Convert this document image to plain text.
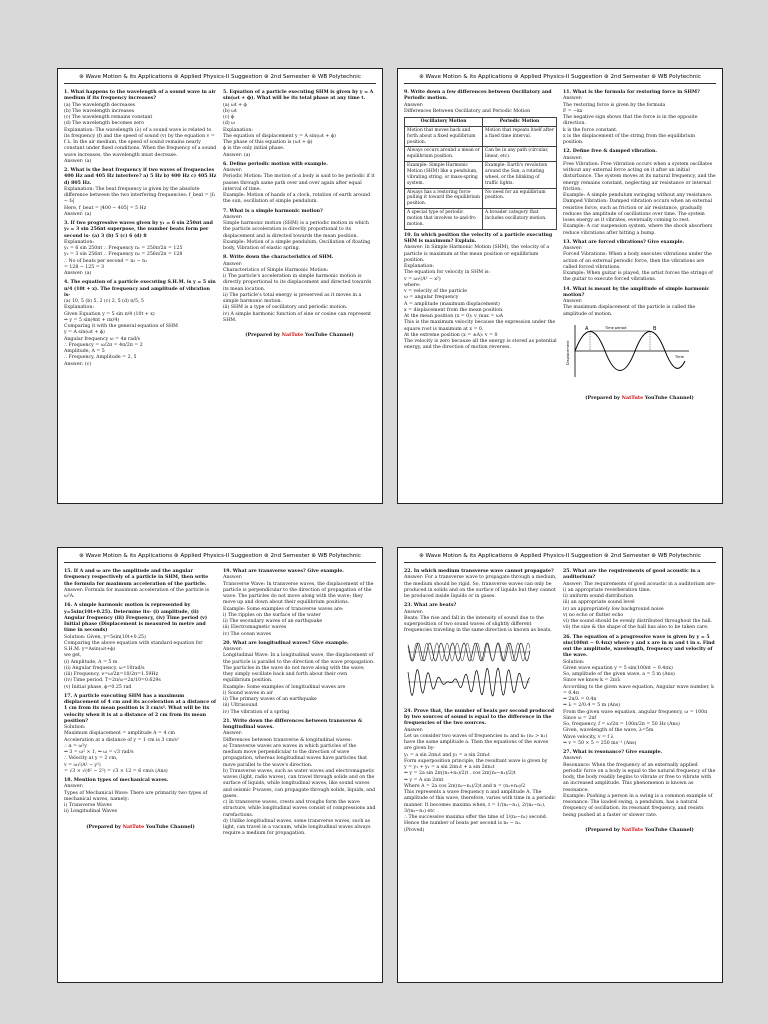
⊛ Wave Motion & its Applications ⊛ Applied Physics-II Suggestion ⊛ 2nd Semester ⊛ WB Polytechnic

1. What happens to the wavelength of a sound wave in air medium if its frequency increases?

(a) The wavelength decreases

(b) The wavelength increases

(c) The wavelength remains constant

(d) The wavelength becomes zero

Explanation: The wavelength (λ) of a sound wave is related to its frequency (f) and the speed of sound (v) by the equation v = f λ. In the air medium, the speed of sound remains nearly constant under fixed conditions. When the frequency of a sound wave increases, the wavelength must decrease.

Answer: (a)

2. What is the beat frequency if two waves of frequencies 400 Hz and 405 Hz interfere? a) 5 Hz b) 400 Hz c) 405 Hz d) 805 Hz.

Explanation: The beat frequency is given by the absolute difference between the two interfering frequencies: f_beat = |f₁ − f₂|

Here, f_beat = |400 − 405| = 5 Hz

Answer: (a)

3. If two progressive waves given by y₁ = 6 sin 250πt and y₂ = 3 sin 256πt superpose, the number beats form per second is- (a) 3 (b) 5 (c) 6 (d) 8

Explanation:

y₁ = 6 sin 250πt ∴ Frequency n₁ = 250π/2π = 125

y₂ = 3 sin 256πt ∴ Frequency n₂ = 256π/2π = 128

∴ No of beats per second = n₂ − n₁

= 128 − 125 = 3

Answer: (a)

4. The equation of a particle executing S.H.M. is y = 5 sin π/4 (10t + x). The frequency and amplitude of vibration is-

(a) 10, 5 (b) 5, 2 (c) 2, 5 (d) π/5, 5

Explanation:

Given Equation y = 5 sin π/4 (10t + x)

⇒ y = 5 sin(4πt + πx/4)

Comparing it with the general equation of SHM

y = A sin(ωt + ϕ)

Angular frequency ω = 4π rad/s

∴ Frequency = ω/2π = 4π/2π = 2

Amplitude, A = 5

∴ Frequency, Amplitude = 2, 5

Answer: (c)

5. Equation of a particle executing SHM is given by y = A sin(ωt + ϕ). What will be its total phase at any time t.

(a) ωt + ϕ

(b) ωt

(c) ϕ

(d) ω

Explanation:

The equation of displacement y = A sin(ωt + ϕ)

The phase of this equation is (ωt + ϕ)

ϕ is the only initial phase.

Answer: (a)

6. Define periodic motion with example.

Answer:

Periodic Motion: The motion of a body is said to be periodic if it passes through same path over and over again after equal interval of time.

Example: Motion of hands of a clock, rotation of earth around the sun, oscillation of simple pendulum.

7. What is a simple harmonic motion?

Answer:

Simple harmonic motion (SHM) is a periodic motion in which the particle acceleration is directly proportional to its displacement and is directed towards the mean position.

Example: Motion of a simple pendulum, Oscillation of floating body, Vibration of elastic spring.

8. Write down the characteristics of SHM.

Answer:

Characteristics of Simple Harmonic Motion:

i) The particle's acceleration in simple harmonic motion is directly proportional to its displacement and directed towards its mean location.

ii) The particle's total energy is preserved as it moves in a simple harmonic motion.

iii) SHM is a type of oscillatory and periodic motion.

iv) A simple harmonic function of sine or cosine can represent SHM.

(Prepared by NatTute YouTube Channel)
⊛ Wave Motion & its Applications ⊛ Applied Physics-II Suggestion ⊛ 2nd Semester ⊛ WB Polytechnic

9. Write down a few differences between Oscillatory and Periodic motion.

Answer:

Differences Between Oscillatory and Periodic Motion

Oscillatory Motion	Periodic Motion
Motion that moves back and forth about a fixed equilibrium position.	Motion that repeats itself after a fixed time interval.
Always occurs around a mean or equilibrium position.	Can be in any path (circular, linear, etc).
Example: Simple Harmonic Motion (SHM) like a pendulum, vibrating string, or mass-spring system.	Example: Earth's revolution around the Sun, a rotating wheel, or the blinking of traffic lights.
Always has a restoring force pulling it toward the equilibrium position.	No need for an equilibrium position.
A special type of periodic motion that involves to-and-fro motion.	A broader category that includes oscillatory motion.

10. In which position the velocity of a particle executing SHM is maximum? Explain.

Answer: In Simple Harmonic Motion (SHM), the velocity of a particle is maximum at the mean position or equilibrium position.

Explanation:

The equation for velocity in SHM is:

v = ω√(A² − x²)

where:

v = velocity of the particle

ω = angular frequency

A = amplitude (maximum displacement)

x = displacement from the mean position.

At the mean position (x = 0): v_max = ωA

This is the maximum velocity because the expression under the square root is maximum at x = 0.

At the extreme position (x = ±A): v = 0

The velocity is zero because all the energy is stored as potential energy, and the direction of motion reverses.

11. What is the formula for restoring force in SHM?

Answer:

The restoring force is given by the formula

F = −kx

The negative sign shows that the force is in the opposite direction.

k is the force constant.

x is the displacement of the string from the equilibrium position.

12. Define free & damped vibration.

Answer:

Free Vibration: Free vibration occurs when a system oscillates without any external force acting on it after an initial disturbance. The system moves at its natural frequency, and the energy remains constant, neglecting air resistance or internal friction.

Example: A simple pendulum swinging without any resistance.

Damped Vibration: Damped vibration occurs when an external resistive force, such as friction or air resistance, gradually reduces the amplitude of oscillations over time. The system loses energy as it vibrates, eventually coming to rest.

Example: A car suspension system, where the shock absorbers reduce vibrations after hitting a bump.

13. What are forced vibrations? Give example.

Answer:

Forced Vibrations: When a body executes vibrations under the action of an external periodic force, then the vibrations are called forced vibrations.

Example: When guitar is played, the artist forces the strings of the guitar to execute forced vibrations.

14. What is meant by the amplitude of simple harmonic motion?

Answer:

The maximum displacement of the particle is called the amplitude of motion.

A	B
Time period
Displacement	Time
(Prepared by NatTute YouTube Channel)
⊛ Wave Motion & its Applications ⊛ Applied Physics-II Suggestion ⊛ 2nd Semester ⊛ WB Polytechnic

15. If A and ω are the amplitude and the angular frequency respectively of a particle in SHM, then write the formula for maximum acceleration of the particle.

Answer: Formula for maximum acceleration of the particle is ω²A.

16. A simple harmonic motion is represented by y=5sin(10t+0.25). Determine its- (i) amplitude, (ii) Angular frequency (iii) Frequency, (iv) Time period (v) Initial phase (Displacement is measured in metre and time in seconds)

Solution: Given, y=5sin(10t+0.25)

Comparing the above equation with standard equation for S.H.M. y=Asin(ωt+ϕ)

we get,

(i) Amplitude, A = 5 m

(ii) Angular frequency, ω=10rad/s

(iii) Frequency, ν=ω/2π=10/2π=1.59Hz

(iv) Time period, T=2π/ω=2π/10=0.629s

(v) Initial phase, ϕ=0.25 rad

17. A particle executing SHM has a maximum displacement of 4 cm and its acceleration at a distance of 1 cm from its mean position is 3 cm/s². What will be its velocity when it is at a distance of 2 cm from its mean position?

Solution:

Maximum displacement = amplitude A = 4 cm

Acceleration at a distance of y = 1 cm is 3 cm/s²

∴ α = ω²y

⇒ 3 = ω² × 1, ⇒ ω = √3 rad/s

∴ Velocity at y = 2 cm,

v = ω√(A² − y²)

= √3 × √(4² − 2²) = √3 × 12 = 6 cm/s (Ans)

18. Mention types of mechanical waves.

Answer:

Types of Mechanical Wave: There are primarily two types of mechanical waves, namely:

i) Transverse Waves

ii) Longitudinal Waves

(Prepared by NatTute YouTube Channel)

19. What are transverse waves? Give example.

Answer:

Transverse Wave: In transverse waves, the displacement of the particle is perpendicular to the direction of propagation of the wave. The particles do not move along with the wave; they move up and down about their equilibrium positions.

Example: Some examples of transverse waves are:

i) The ripples on the surface of the water

ii) The secondary waves of an earthquake

iii) Electromagnetic waves

iv) The ocean waves

20. What are longitudinal waves? Give example.

Answer:

Longitudinal Wave: In a longitudinal wave, the displacement of the particle is parallel to the direction of the wave propagation. The particles in the wave do not move along with the wave; they simply oscillate back and forth about their own equilibrium position.

Example: Some examples of longitudinal waves are

i) Sound waves in air

ii) The primary waves of an earthquake

iii) Ultrasound

iv) The vibration of a spring

21. Write down the differences between transverse & longitudinal waves.

Answer:

Differences between transverse & longitudinal waves:

a) Transverse waves are waves in which particles of the medium move perpendicular to the direction of wave propagation, whereas longitudinal waves have particles that move parallel to the wave's direction.

b) Transverse waves, such as water waves and electromagnetic waves (light, radio waves), can travel through solids and on the surface of liquids, while longitudinal waves, like sound waves and seismic P-waves, can propagate through solids, liquids, and gases.

c) In transverse waves, crests and troughs form the wave structure, while longitudinal waves consist of compressions and rarefactions.

d) Unlike longitudinal waves, some transverse waves, such as light, can travel in a vacuum, while longitudinal waves always require a medium for propagation.

⊛ Wave Motion & its Applications ⊛ Applied Physics-II Suggestion ⊛ 2nd Semester ⊛ WB Polytechnic

22. In which medium transverse wave cannot propagate?

Answer: For a transverse wave to propagate through a medium, the medium should be rigid. So, transverse waves can only be produced in solids and on the surface of liquids but they cannot be produced inside liquids or in gases.

23. What are beats?

Answer:

Beats: The rise and fall in the intensity of sound due to the superposition of two sound waves of slightly different frequencies traveling in the same direction is known as beats.

24. Prove that, the number of beats per second produced by two sources of sound is equal to the difference in the frequencies of the two sources.

Answer:

Let us consider two waves of frequencies n₁ and n₂ (n₂ > n₁) have the same amplitude a. Then the equations of the waves are given by-

y₁ = a sin 2πn₁t and y₂ = a sin 2πn₂t

Form superposition principle, the resultant wave is given by

y = y₁ + y₂ = a sin 2πn₁t + a sin 2πn₂t

⇒ y = 2a sin 2π((n₁+n₂)/2)t . cos 2π((n₂−n₁)/2)t

⇒ y = A sin 2πnt

Where A = 2a cos 2π((n₂−n₁)/2)t and n = (n₁+n₂)/2

This represents a wave frequency n and amplitude A. The amplitude of this wave, therefore, varies with time in a periodic manner. It becomes maxima when, t = 1/(n₂−n₁), 2/(n₂−n₁), 3/(n₂−n₁) etc

∴ The successive maxima offer the time of 1/(n₂−n₁) second.

Hence the number of beats per second is n₂ − n₁.

(Proved)

25. What are the requirements of good acoustic in a auditorium?

Answer: The requirements of good acoustic in a auditorium are-

i) an appropriate reverberation time.

ii) uniform sound distribution

iii) an appropriate sound level

iv) an appropriately low background noise

v) no echo or flutter echo

vi) the sound should be evenly distributed throughout the hall.

vii) the size & the shape of the hall has also to be taken care.

26. The equation of a progressive wave is given by y = 5 sin(100πt − 0.4πx) where y and x are in m and t in s. Find out the amplitude, wavelength, frequency and velocity of the wave.

Solution:

Given wave equation y = 5 sin(100πt − 0.4πx)

So, amplitude of the given wave, a = 5 m (Ans)

Since we know k = 2π/λ

According to the given wave equation, Angular wave number, k = 0.4π

⇒ 2π/λ = 0.4π

⇒ λ = 2/0.4 = 5 m (Ans)

From the given wave equation, angular frequency, ω = 100π

Since ω = 2πf

So, frequency, f = ω/2π = 100π/2π = 50 Hz (Ans)

Given, wavelength of the wave, λ=5m

Wave velocity, v = f λ

⇒ v = 50 × 5 = 250 ms⁻¹ (Ans)

27. What is resonance? Give example.

Answer:

Resonance: When the frequency of an externally applied periodic force on a body is equal to the natural frequency of the body, the body readily begins to vibrate or free to vibrate with an increased amplitude. This phenomenon is known as resonance.

Example: Pushing a person in a swing is a common example of resonance. The loaded swing, a pendulum, has a natural frequency of oscillation, its resonant frequency, and resists being pushed at a faster or slower rate.

(Prepared by NatTute YouTube Channel)
